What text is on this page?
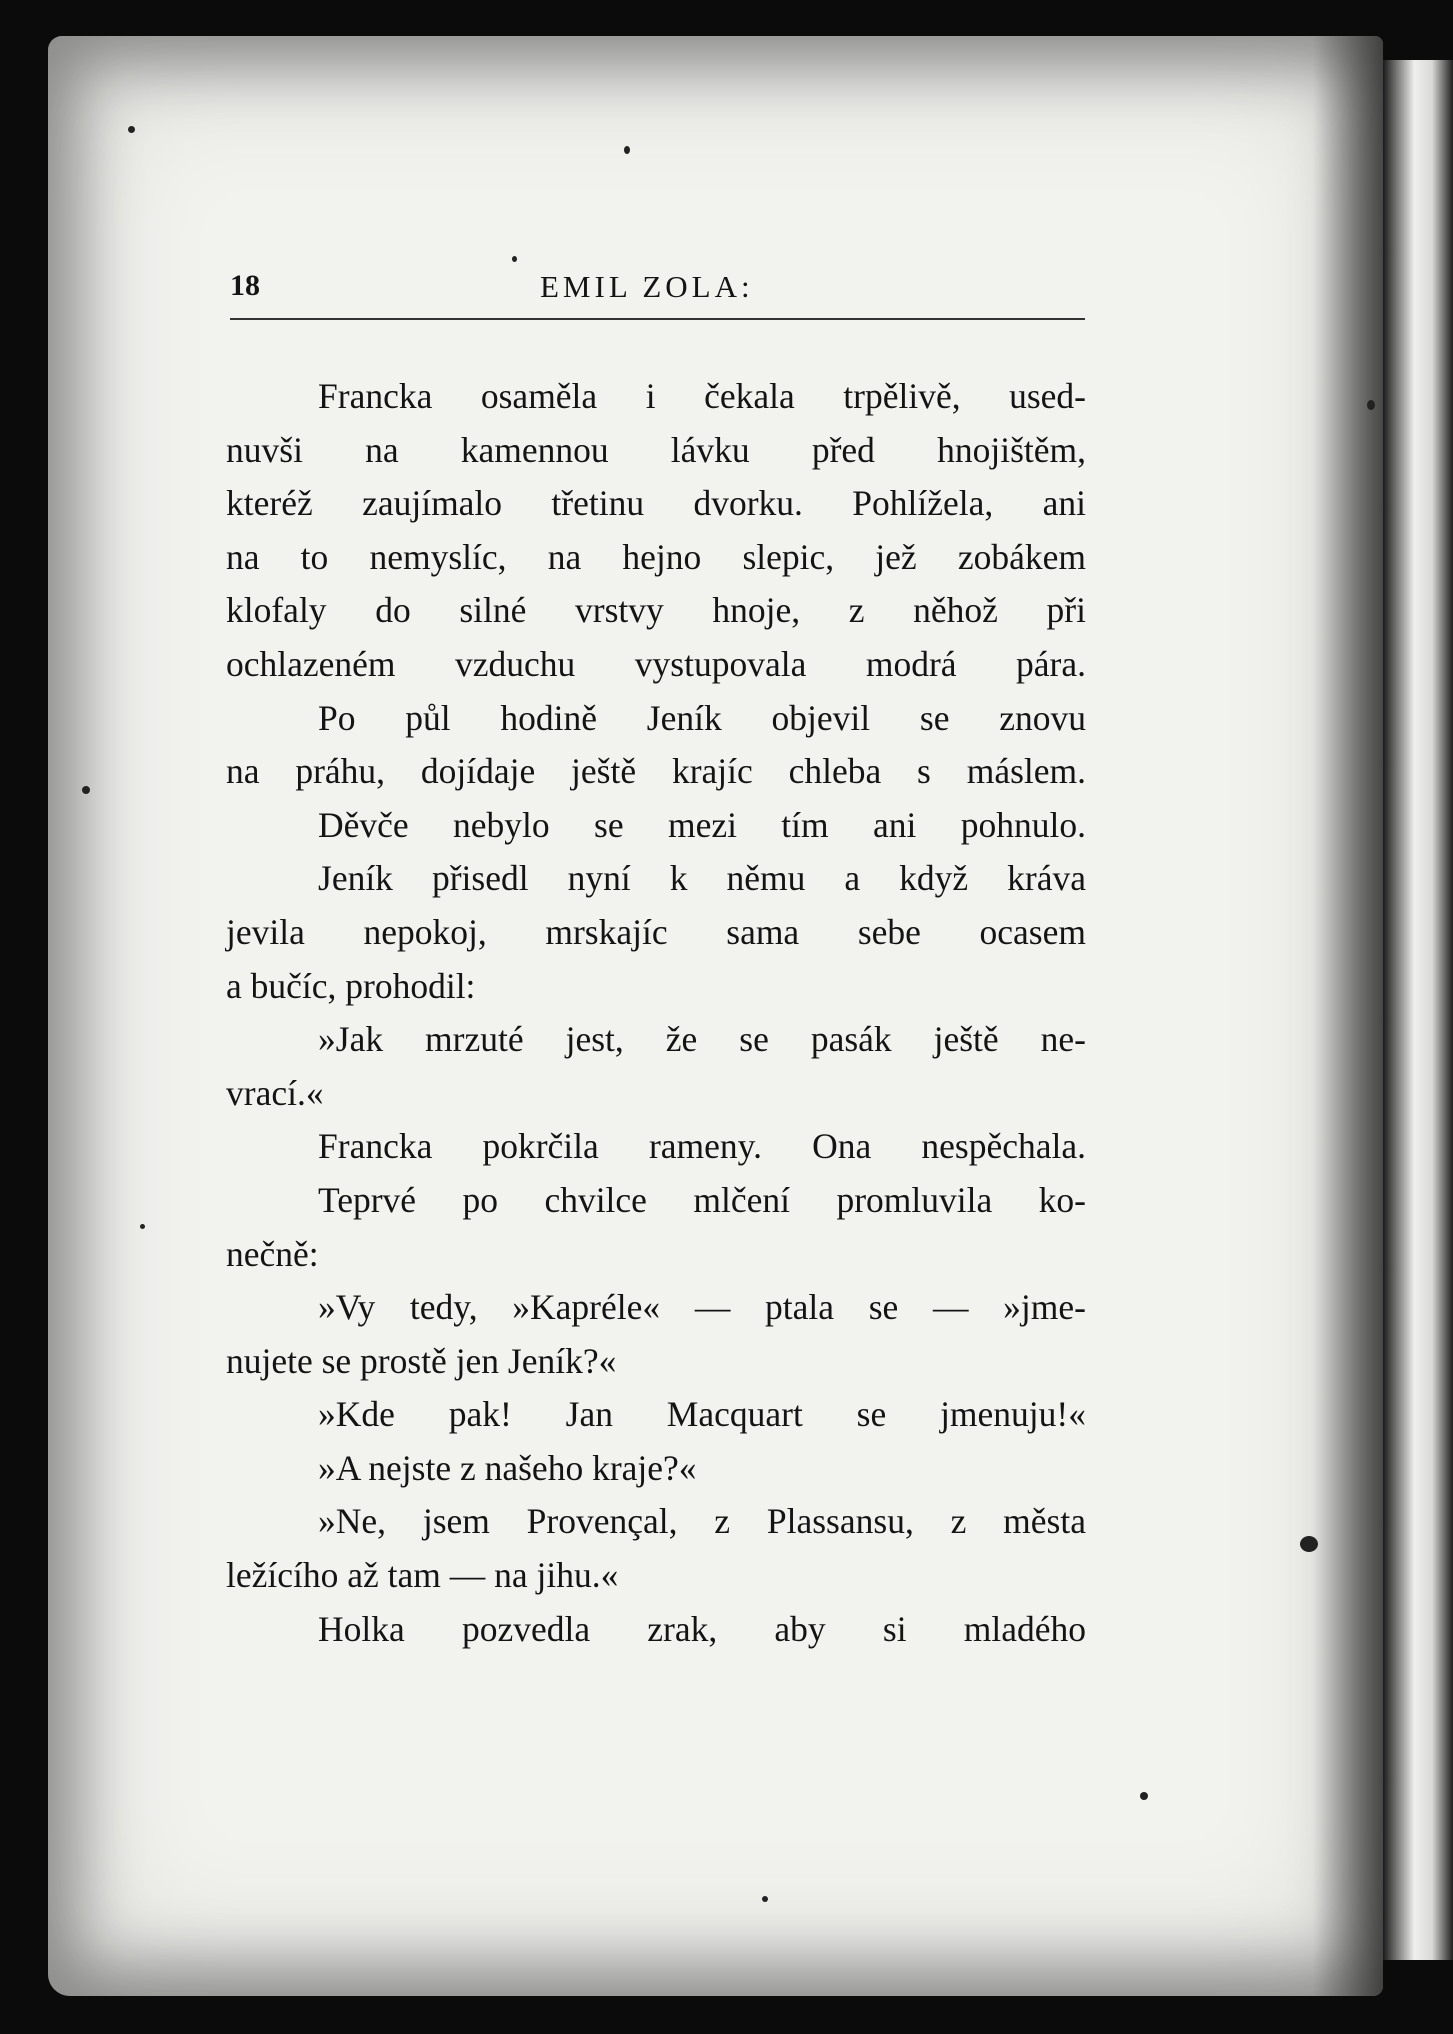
18	EMIL ZOLA:
Francka osaměla i čekala trpělivě, used-
nuvši na kamennou lávku před hnojištěm,
kteréž zaujímalo třetinu dvorku. Pohlížela, ani
na to nemyslíc, na hejno slepic, jež zobákem
klofaly do silné vrstvy hnoje, z něhož při
ochlazeném vzduchu vystupovala modrá pára.
Po půl hodině Jeník objevil se znovu
na práhu, dojídaje ještě krajíc chleba s máslem.
Děvče nebylo se mezi tím ani pohnulo.
Jeník přisedl nyní k němu a když kráva
jevila nepokoj, mrskajíc sama sebe ocasem
a bučíc, prohodil:
»Jak mrzuté jest, že se pasák ještě ne-
vrací.«
Francka pokrčila rameny. Ona nespěchala.
Teprvé po chvilce mlčení promluvila ko-
nečně:
»Vy tedy, »Kapréle« — ptala se — »jme-
nujete se prostě jen Jeník?«
»Kde pak! Jan Macquart se jmenuju!«
»A nejste z našeho kraje?«
»Ne, jsem Provençal, z Plassansu, z města
ležícího až tam — na jihu.«
Holka pozvedla zrak, aby si mladého
